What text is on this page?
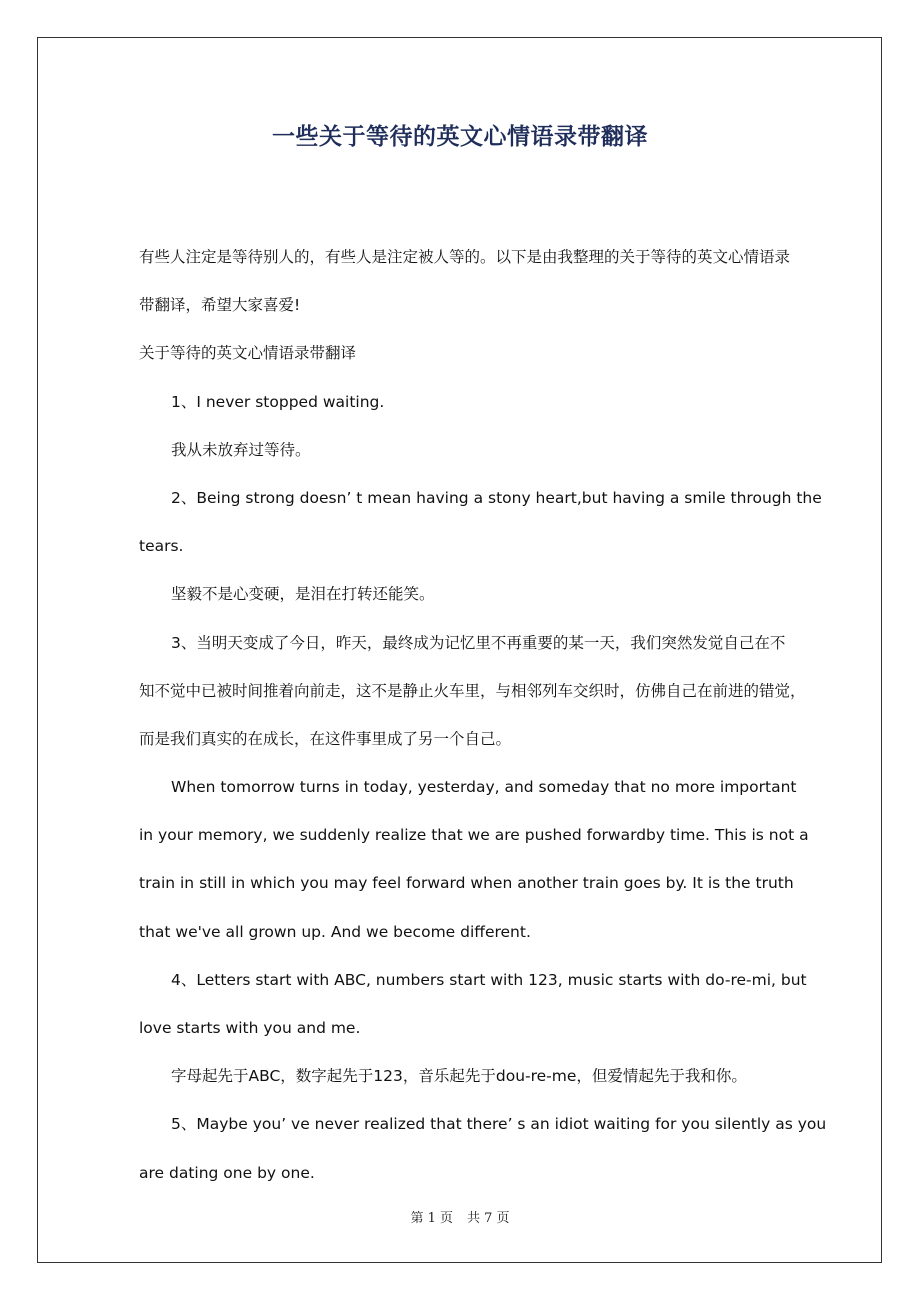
一些关于等待的英文心情语录带翻译
有些人注定是等待别人的，有些人是注定被人等的。以下是由我整理的关于等待的英文心情语录
带翻译，希望大家喜爱!
关于等待的英文心情语录带翻译
1、I never stopped waiting.
我从未放弃过等待。
2、Being strong doesn’ t mean having a stony heart,but having a smile through the
tears.
坚毅不是心变硬，是泪在打转还能笑。
3、当明天变成了今日，昨天，最终成为记忆里不再重要的某一天，我们突然发觉自己在不
知不觉中已被时间推着向前走，这不是静止火车里，与相邻列车交织时，仿佛自己在前进的错觉，
而是我们真实的在成长，在这件事里成了另一个自己。
When tomorrow turns in today, yesterday, and someday that no more important
in your memory, we suddenly realize that we are pushed forwardby time. This is not a
train in still in which you may feel forward when another train goes by. It is the truth
that we've all grown up. And we become different.
4、Letters start with ABC, numbers start with 123, music starts with do-re-mi, but
love starts with you and me.
字母起先于ABC，数字起先于123，音乐起先于dou-re-me，但爱情起先于我和你。
5、Maybe you’ ve never realized that there’ s an idiot waiting for you silently as you
are dating one by one.
第 1 页 共 7 页
